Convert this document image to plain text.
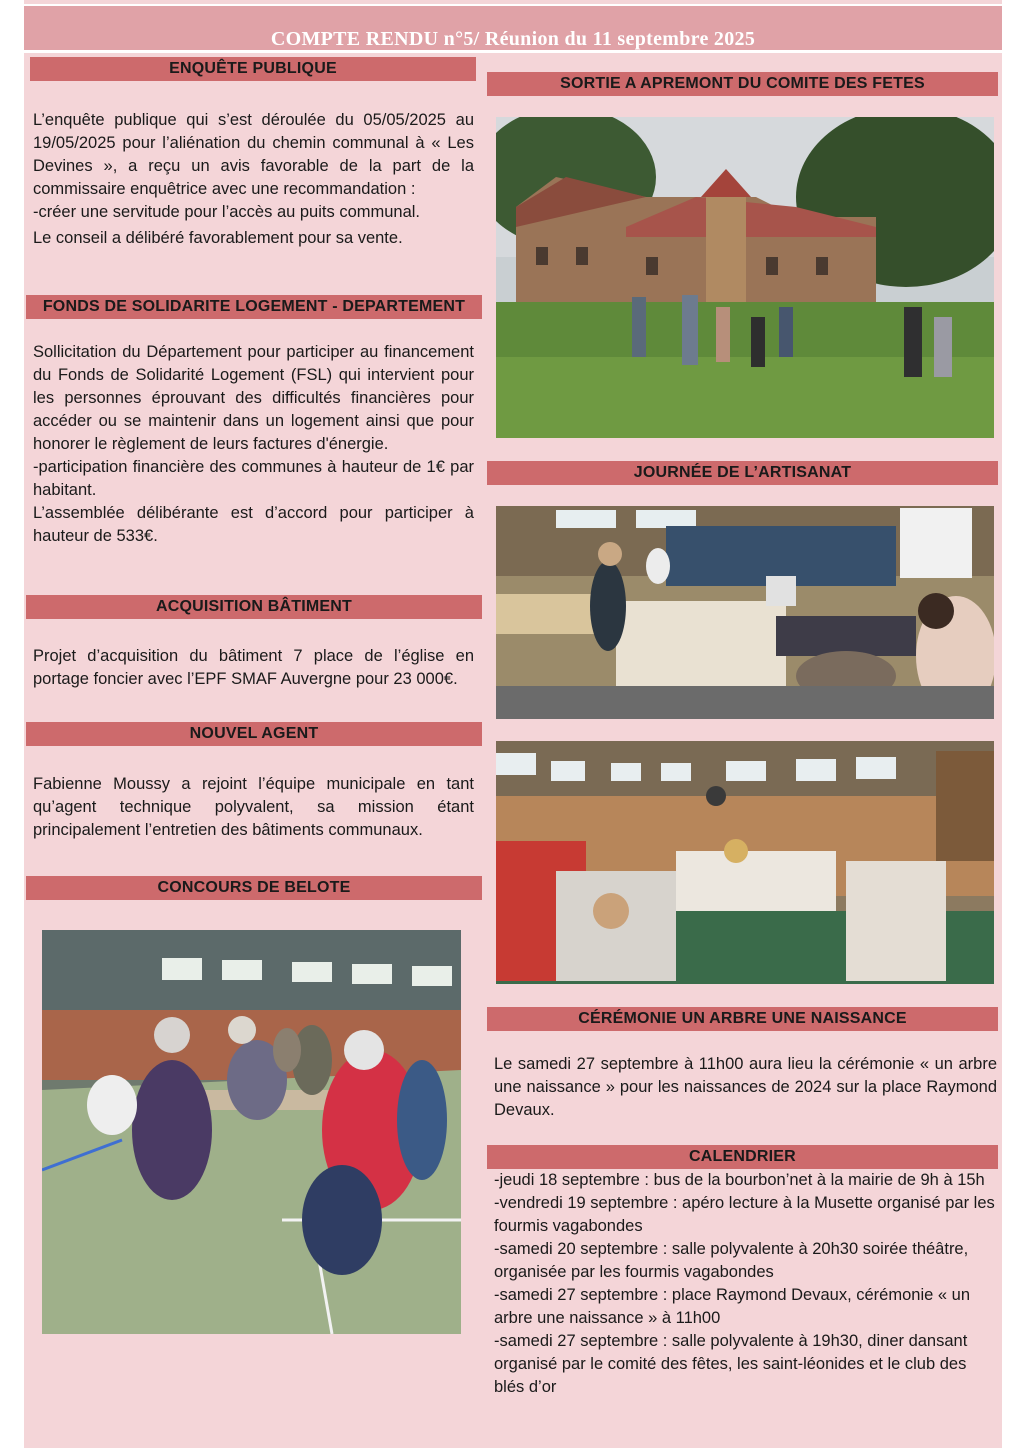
COMPTE RENDU n°5/ Réunion du 11 septembre 2025
ENQUÊTE PUBLIQUE

L’enquête publique qui s’est déroulée du 05/05/2025 au 19/05/2025 pour l’aliénation du chemin communal à « Les Devines », a reçu un avis favorable de la part de la commissaire enquêtrice avec une recommandation :

-créer une servitude pour l’accès au puits communal.

Le conseil a délibéré favorablement pour sa vente.

FONDS DE SOLIDARITE LOGEMENT - DEPARTEMENT

Sollicitation du Département pour participer au financement du Fonds de Solidarité Logement (FSL) qui intervient pour les personnes éprouvant des difficultés financières pour accéder ou se maintenir dans un logement ainsi que pour honorer le règlement de leurs factures d'énergie.

-participation financière des communes à hauteur de 1€ par habitant.

L’assemblée délibérante est d’accord pour participer à hauteur de 533€.

ACQUISITION BÂTIMENT

Projet d’acquisition du bâtiment 7 place de l’église en portage foncier avec l’EPF SMAF Auvergne pour 23 000€.

NOUVEL AGENT

Fabienne Moussy a rejoint l’équipe municipale en tant qu’agent technique polyvalent, sa mission étant principalement l’entretien des bâtiments communaux.

CONCOURS DE BELOTE
SORTIE A APREMONT DU COMITE DES FETES
JOURNÉE DE L’ARTISANAT
CÉRÉMONIE UN ARBRE UNE NAISSANCE

Le samedi 27 septembre à 11h00 aura lieu la cérémonie « un arbre une naissance » pour les naissances de 2024 sur la place Raymond Devaux.

CALENDRIER
-jeudi 18 septembre : bus de la bourbon’net à la mairie de 9h à 15h
-vendredi 19 septembre : apéro lecture à la Musette organisé par les fourmis vagabondes
-samedi 20 septembre : salle polyvalente à 20h30 soirée théâtre, organisée par les fourmis vagabondes
-samedi 27 septembre : place Raymond Devaux, cérémonie « un arbre une naissance » à 11h00
-samedi 27 septembre : salle polyvalente à 19h30, diner dansant organisé par le comité des fêtes, les saint-léonides et le club des blés d’or
